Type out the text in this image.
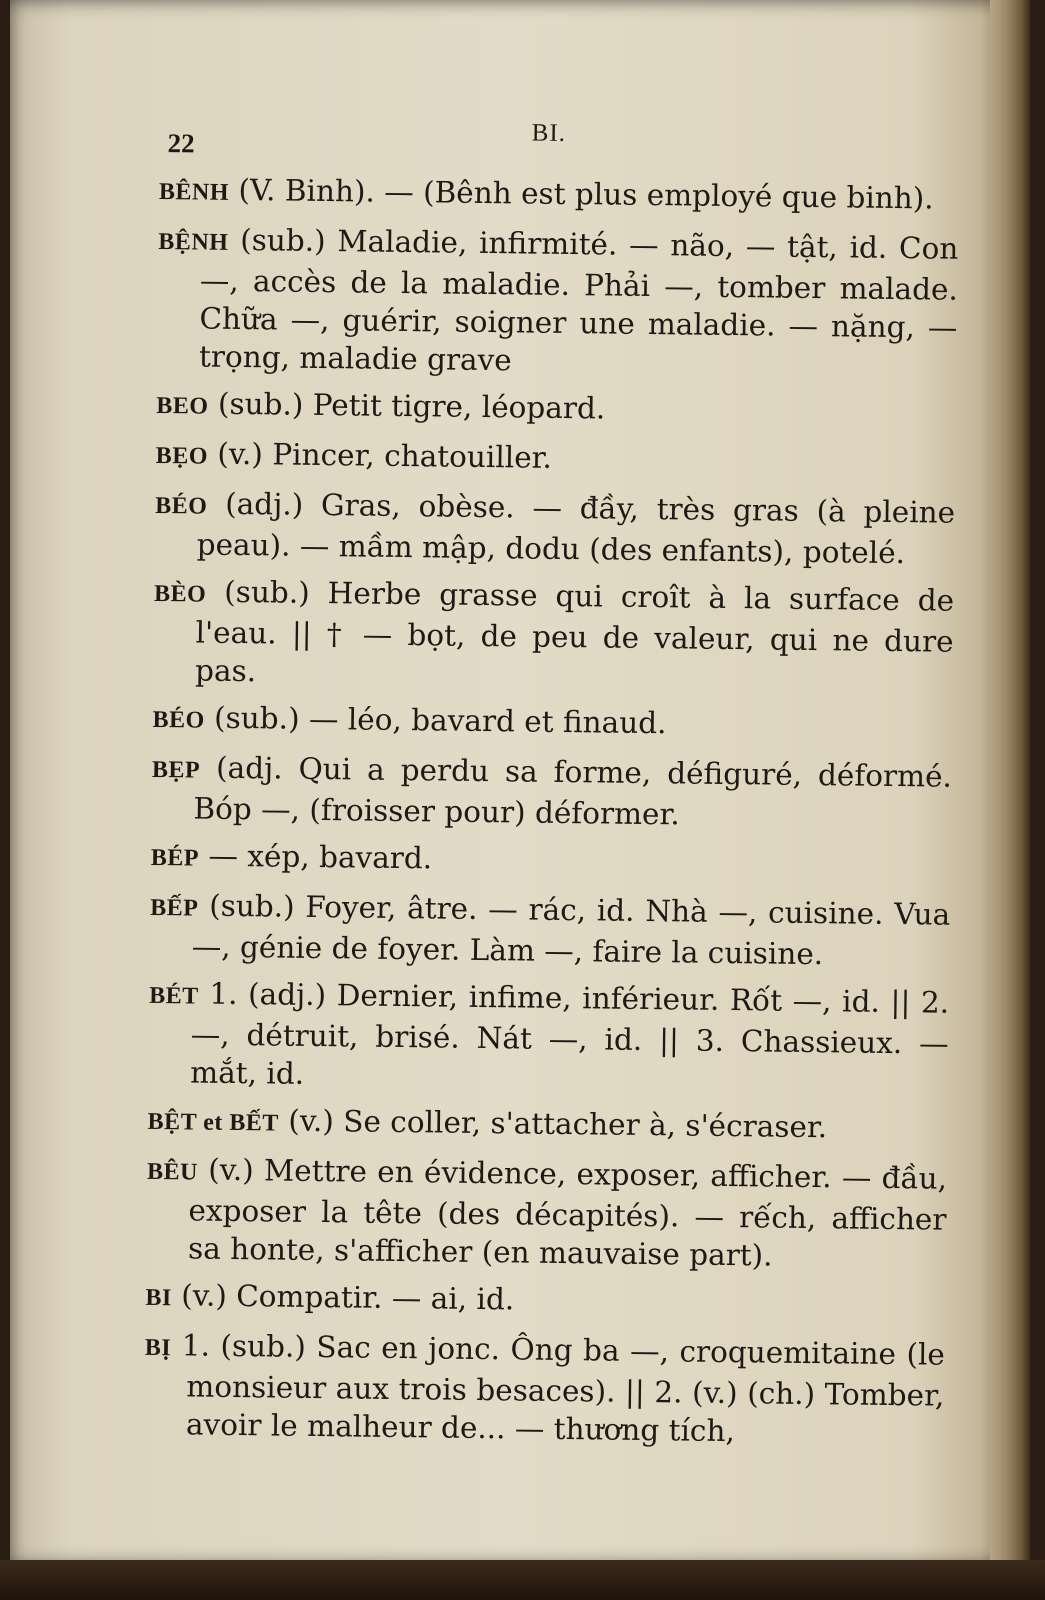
22	BI.

BÊNH (V. Binh). — (Bênh est plus employé que binh).

BỆNH (sub.) Maladie, infirmité. — não, — tật, id. Con —, accès de la maladie. Phải —, tomber malade. Chữa —, guérir, soigner une maladie. — nặng, — trọng, maladie grave

BEO (sub.) Petit tigre, léopard.

BẸO (v.) Pincer, chatouiller.

BÉO (adj.) Gras, obèse. — đầy, très gras (à pleine peau). — mầm mập, dodu (des enfants), potelé.

BÈO (sub.) Herbe grasse qui croît à la surface de l'eau. || † — bọt, de peu de valeur, qui ne dure pas.

BÉO (sub.) — léo, bavard et finaud.

BẸP (adj. Qui a perdu sa forme, défiguré, déformé. Bóp —, (froisser pour) déformer.

BÉP — xép, bavard.

BẾP (sub.) Foyer, âtre. — rác, id. Nhà —, cuisine. Vua —, génie de foyer. Làm —, faire la cuisine.

BÉT 1. (adj.) Dernier, infime, inférieur. Rốt —, id. || 2. —, détruit, brisé. Nát —, id. || 3. Chassieux. — mắt, id.

BỆT et BẾT (v.) Se coller, s'attacher à, s'écraser.

BÊU (v.) Mettre en évidence, exposer, afficher. — đầu, exposer la tête (des décapités). — rếch, afficher sa honte, s'afficher (en mauvaise part).

BI (v.) Compatir. — ai, id.

BỊ 1. (sub.) Sac en jonc. Ông ba —, croquemitaine (le monsieur aux trois besaces). || 2. (v.) (ch.) Tomber, avoir le malheur de... — thương tích,
